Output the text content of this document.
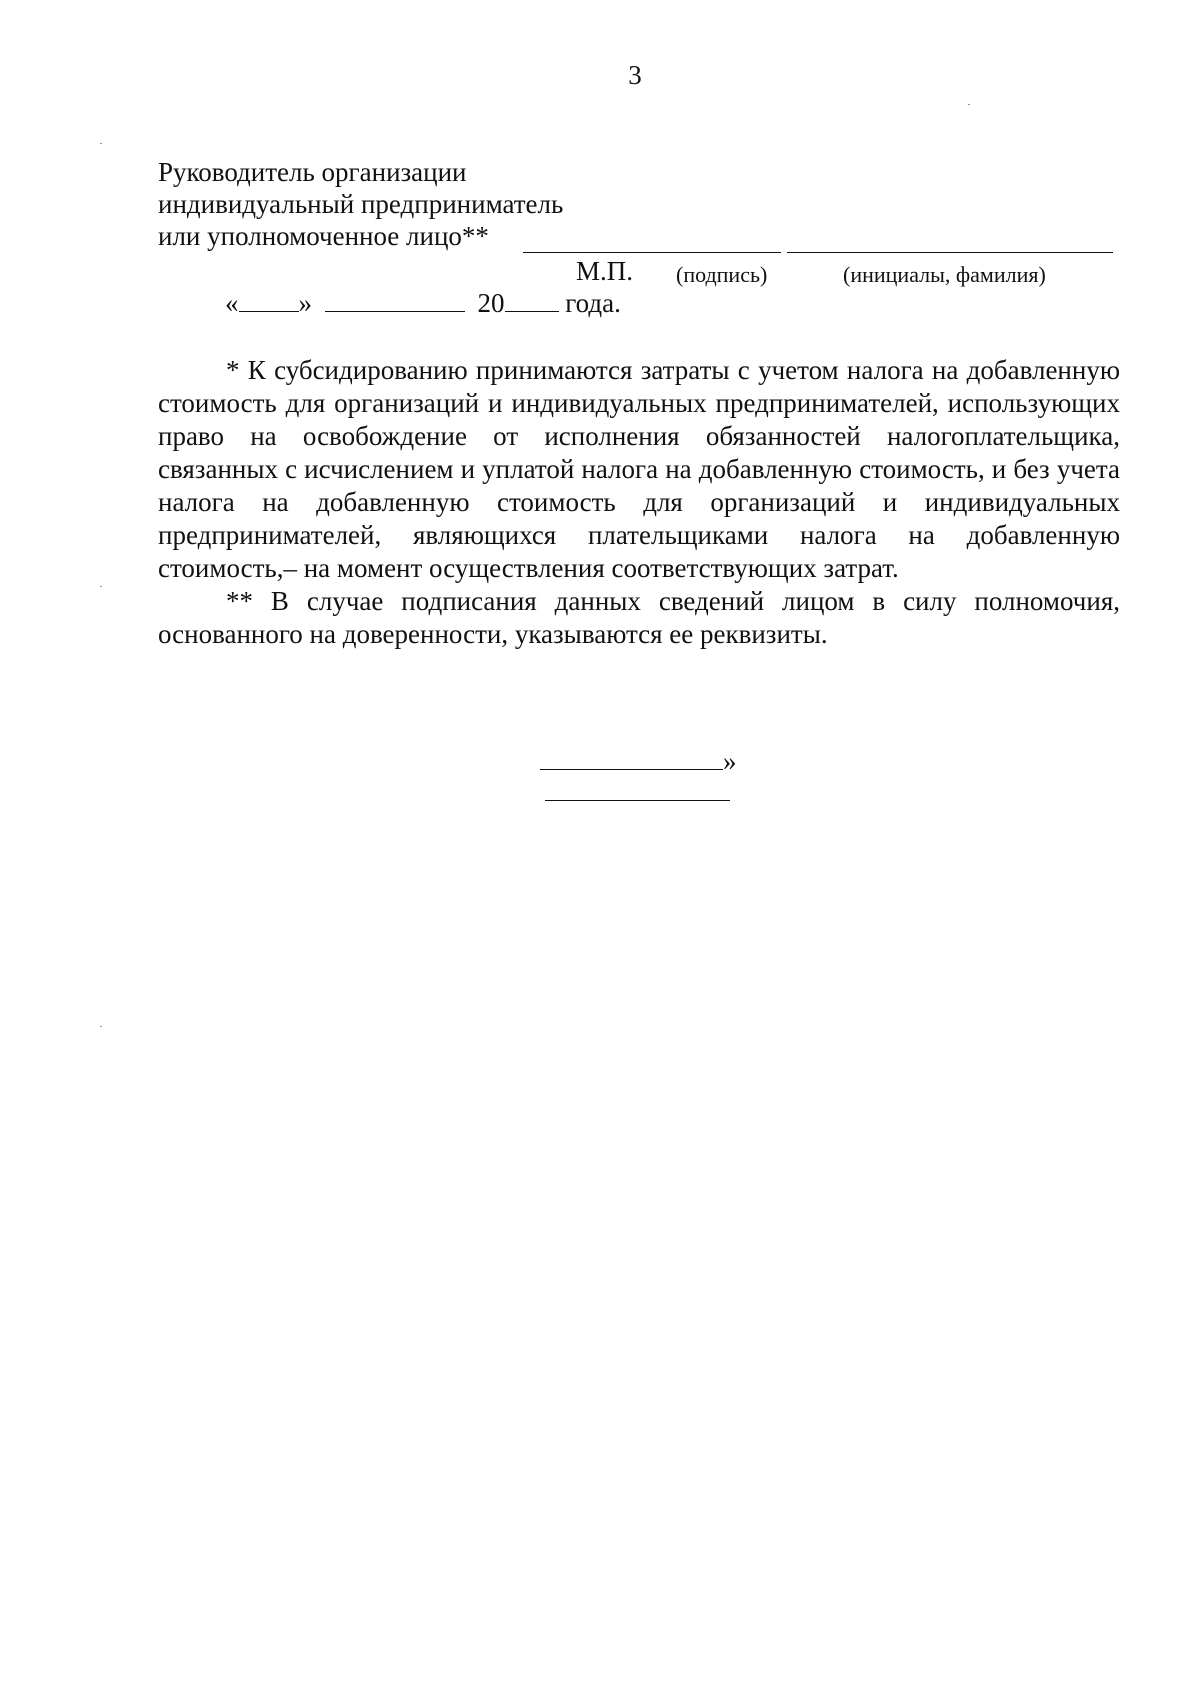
3
Руководитель организации
индивидуальный предприниматель
или уполномоченное лицо**
М.П. (подпись)	(инициалы, фамилия)
« »	20 года.

* К субсидированию принимаются затраты с учетом налога на добавленную стоимость для организаций и индивидуальных предпринимателей, использующих право на освобождение от исполнения обязанностей налогоплательщика, связанных с исчислением и уплатой налога на добавленную стоимость, и без учета налога на добавленную стоимость для организаций и индивидуальных предпринимателей, являющихся плательщиками налога на добавленную стоимость,– на момент осуществления соответствующих затрат.

** В случае подписания данных сведений лицом в силу полномочия, основанного на доверенности, указываются ее реквизиты.

»
